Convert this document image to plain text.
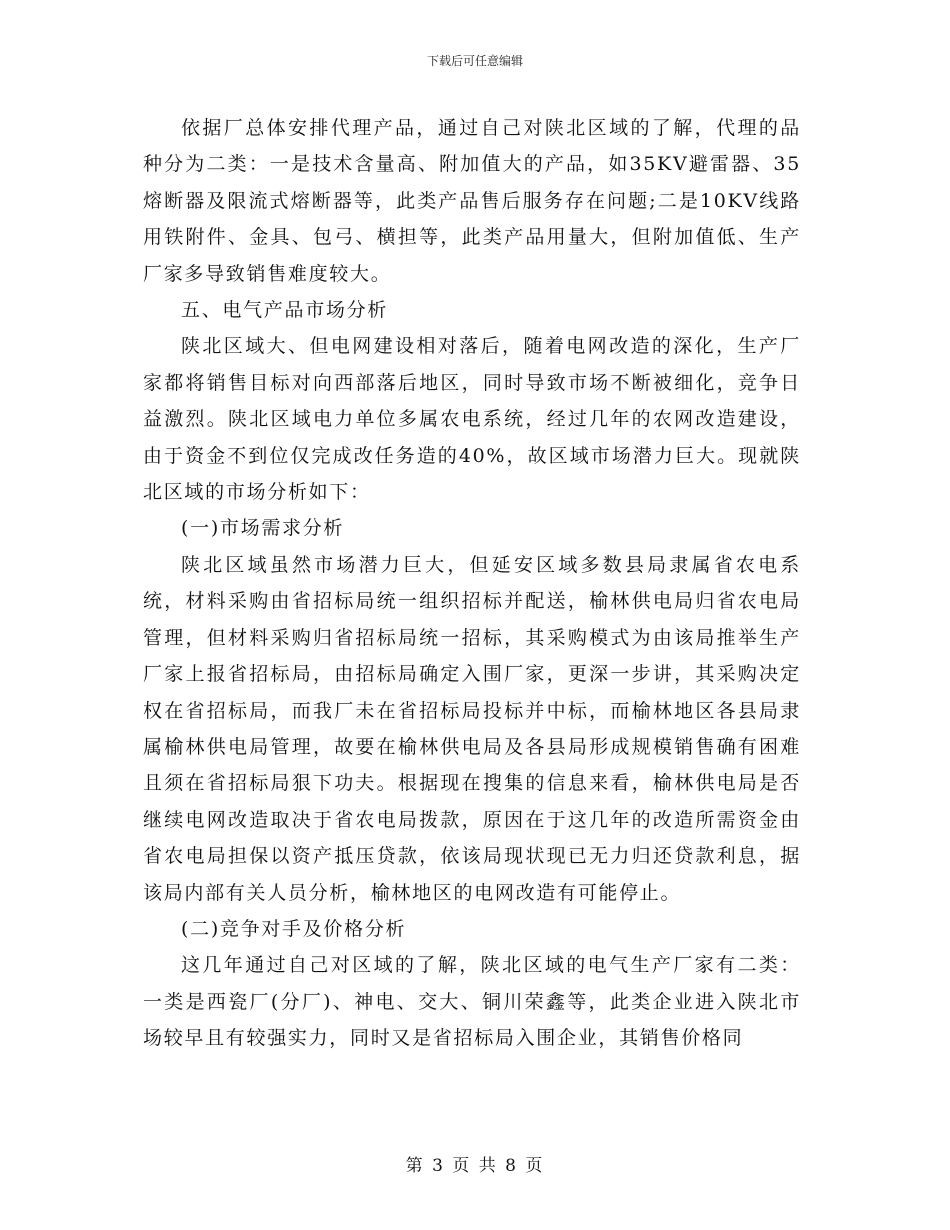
下载后可任意编辑

依据厂总体安排代理产品，通过自己对陕北区域的了解，代理的品种分为二类：一是技术含量高、附加值大的产品，如35KV避雷器、35熔断器及限流式熔断器等，此类产品售后服务存在问题;二是10KV线路用铁附件、金具、包弓、横担等，此类产品用量大，但附加值低、生产厂家多导致销售难度较大。

五、电气产品市场分析

陕北区域大、但电网建设相对落后，随着电网改造的深化，生产厂家都将销售目标对向西部落后地区，同时导致市场不断被细化，竞争日益激烈。陕北区域电力单位多属农电系统，经过几年的农网改造建设，由于资金不到位仅完成改任务造的40%，故区域市场潜力巨大。现就陕北区域的市场分析如下：

(一)市场需求分析

陕北区域虽然市场潜力巨大，但延安区域多数县局隶属省农电系统，材料采购由省招标局统一组织招标并配送，榆林供电局归省农电局管理，但材料采购归省招标局统一招标，其采购模式为由该局推举生产厂家上报省招标局，由招标局确定入围厂家，更深一步讲，其采购决定权在省招标局，而我厂未在省招标局投标并中标，而榆林地区各县局隶属榆林供电局管理，故要在榆林供电局及各县局形成规模销售确有困难且须在省招标局狠下功夫。根据现在搜集的信息来看，榆林供电局是否继续电网改造取决于省农电局拨款，原因在于这几年的改造所需资金由省农电局担保以资产抵压贷款，依该局现状现已无力归还贷款利息，据该局内部有关人员分析，榆林地区的电网改造有可能停止。

(二)竞争对手及价格分析

这几年通过自己对区域的了解，陕北区域的电气生产厂家有二类：一类是西瓷厂(分厂)、神电、交大、铜川荣鑫等，此类企业进入陕北市场较早且有较强实力，同时又是省招标局入围企业，其销售价格同

第 3 页 共 8 页
